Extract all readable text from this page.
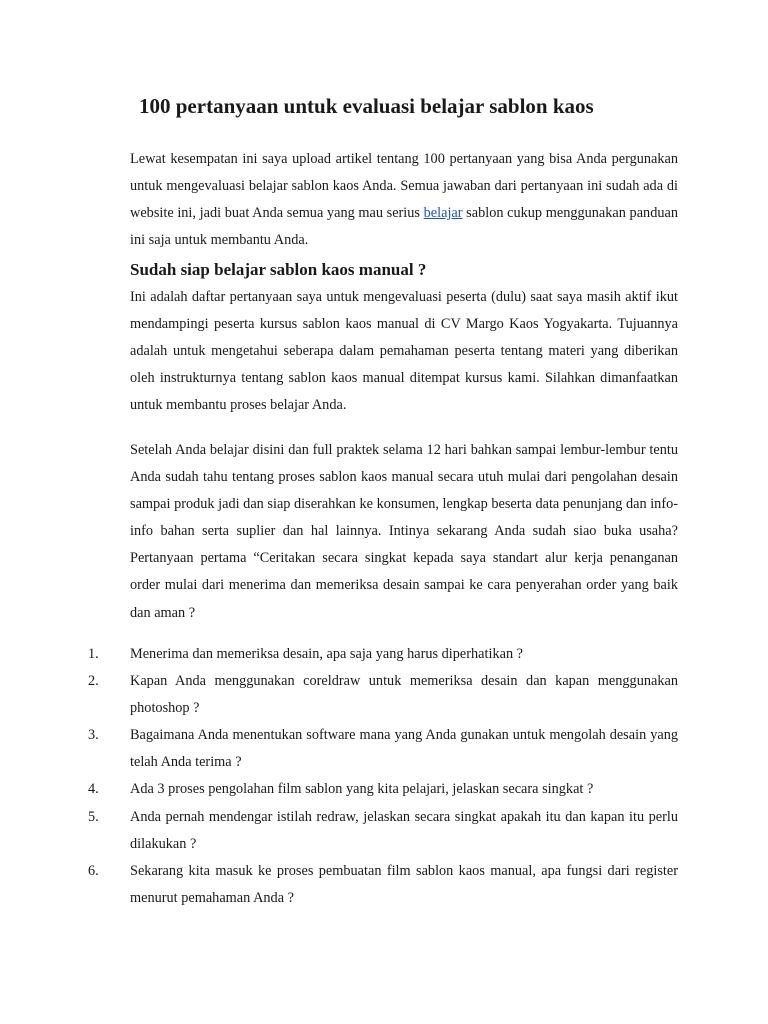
100 pertanyaan untuk evaluasi belajar sablon kaos

Lewat kesempatan ini saya upload artikel tentang 100 pertanyaan yang bisa Anda pergunakan untuk mengevaluasi belajar sablon kaos Anda. Semua jawaban dari pertanyaan ini sudah ada di website ini, jadi buat Anda semua yang mau serius belajar sablon cukup menggunakan panduan ini saja untuk membantu Anda.

Sudah siap belajar sablon kaos manual ?

Ini adalah daftar pertanyaan saya untuk mengevaluasi peserta (dulu) saat saya masih aktif ikut mendampingi peserta kursus sablon kaos manual di CV Margo Kaos Yogyakarta. Tujuannya adalah untuk mengetahui seberapa dalam pemahaman peserta tentang materi yang diberikan oleh instrukturnya tentang sablon kaos manual ditempat kursus kami. Silahkan dimanfaatkan untuk membantu proses belajar Anda.

Setelah Anda belajar disini dan full praktek selama 12 hari bahkan sampai lembur-lembur tentu Anda sudah tahu tentang proses sablon kaos manual secara utuh mulai dari pengolahan desain sampai produk jadi dan siap diserahkan ke konsumen, lengkap beserta data penunjang dan info-info bahan serta suplier dan hal lainnya. Intinya sekarang Anda sudah siao buka usaha? Pertanyaan pertama “Ceritakan secara singkat kepada saya standart alur kerja penanganan order mulai dari menerima dan memeriksa desain sampai ke cara penyerahan order yang baik dan aman ?

1. Menerima dan memeriksa desain, apa saja yang harus diperhatikan ?
2. Kapan Anda menggunakan coreldraw untuk memeriksa desain dan kapan menggunakan photoshop ?
3. Bagaimana Anda menentukan software mana yang Anda gunakan untuk mengolah desain yang telah Anda terima ?
4. Ada 3 proses pengolahan film sablon yang kita pelajari, jelaskan secara singkat ?
5. Anda pernah mendengar istilah redraw, jelaskan secara singkat apakah itu dan kapan itu perlu dilakukan ?
6. Sekarang kita masuk ke proses pembuatan film sablon kaos manual, apa fungsi dari register menurut pemahaman Anda ?
